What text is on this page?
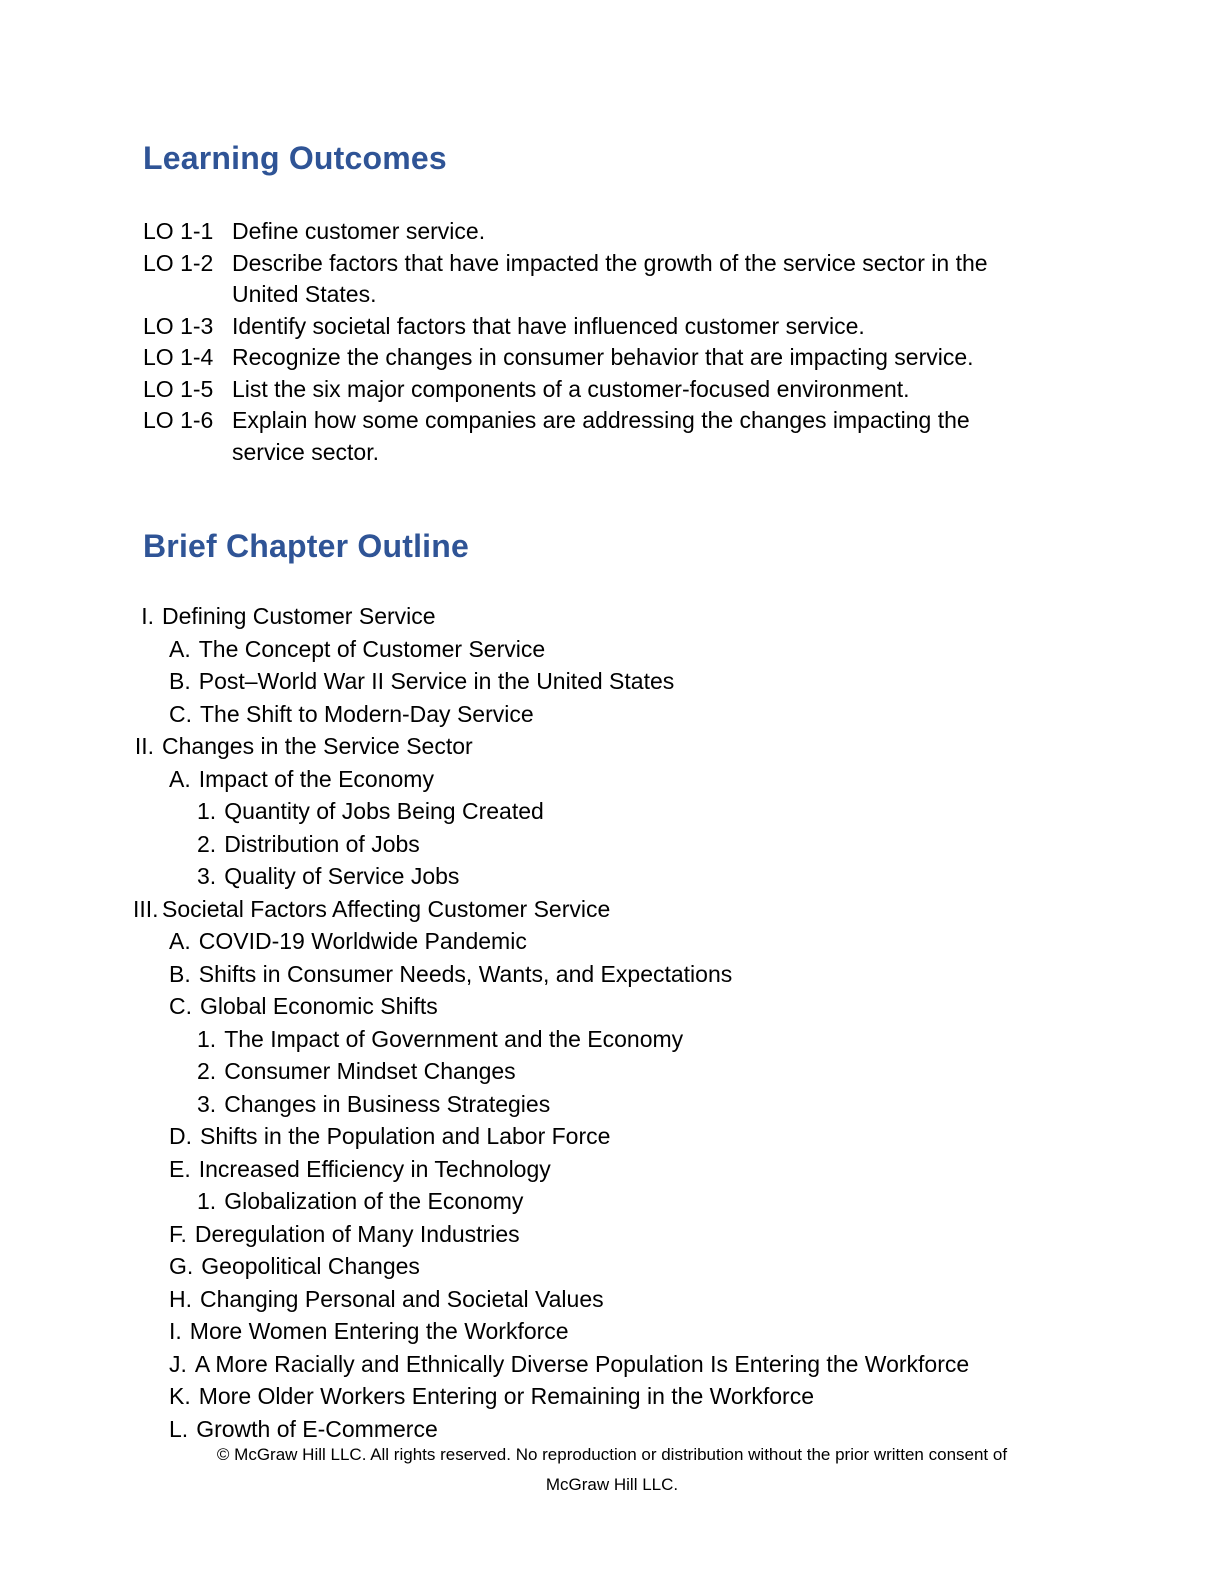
Learning Outcomes
LO 1-1 Define customer service.
LO 1-2 Describe factors that have impacted the growth of the service sector in the
United States.
LO 1-3 Identify societal factors that have influenced customer service.
LO 1-4 Recognize the changes in consumer behavior that are impacting service.
LO 1-5 List the six major components of a customer-focused environment.
LO 1-6 Explain how some companies are addressing the changes impacting the
service sector.
Brief Chapter Outline
I. Defining Customer Service
A. The Concept of Customer Service
B. Post–World War II Service in the United States
C. The Shift to Modern-Day Service
II. Changes in the Service Sector
A. Impact of the Economy
1. Quantity of Jobs Being Created
2. Distribution of Jobs
3. Quality of Service Jobs
III. Societal Factors Affecting Customer Service
A. COVID-19 Worldwide Pandemic
B. Shifts in Consumer Needs, Wants, and Expectations
C. Global Economic Shifts
1. The Impact of Government and the Economy
2. Consumer Mindset Changes
3. Changes in Business Strategies
D. Shifts in the Population and Labor Force
E. Increased Efficiency in Technology
1. Globalization of the Economy
F. Deregulation of Many Industries
G. Geopolitical Changes
H. Changing Personal and Societal Values
I. More Women Entering the Workforce
J. A More Racially and Ethnically Diverse Population Is Entering the Workforce
K. More Older Workers Entering or Remaining in the Workforce
L. Growth of E-Commerce
© McGraw Hill LLC. All rights reserved. No reproduction or distribution without the prior written consent of
McGraw Hill LLC.
